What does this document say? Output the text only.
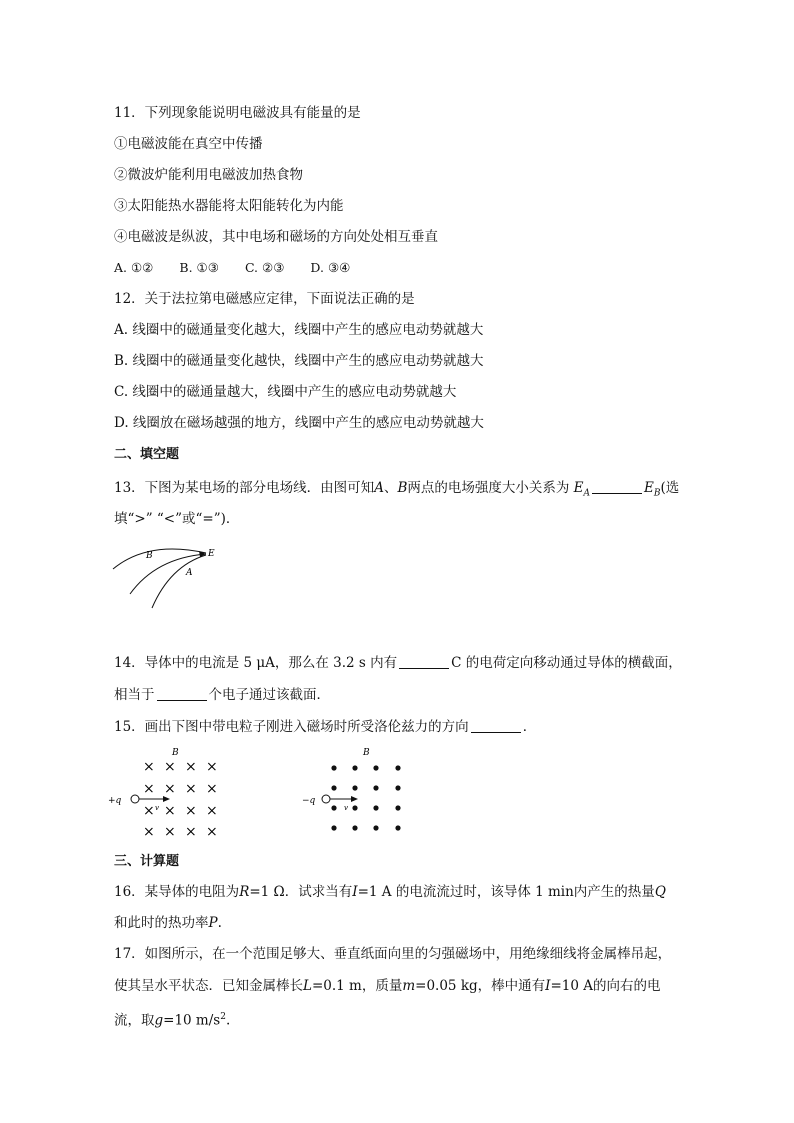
11．下列现象能说明电磁波具有能量的是
①电磁波能在真空中传播
②微波炉能利用电磁波加热食物
③太阳能热水器能将太阳能转化为内能
④电磁波是纵波，其中电场和磁场的方向处处相互垂直
A. ①② B. ①③ C. ②③ D. ③④
12．关于法拉第电磁感应定律，下面说法正确的是
A. 线圈中的磁通量变化越大，线圈中产生的感应电动势就越大
B. 线圈中的磁通量变化越快，线圈中产生的感应电动势就越大
C. 线圈中的磁通量越大，线圈中产生的感应电动势就越大
D. 线圈放在磁场越强的地方，线圈中产生的感应电动势就越大
二、填空题
13．下图为某电场的部分电场线．由图可知A、B两点的电场强度大小关系为 $E_A$	$E_B$(选
填“>” “<”或“=”)．
E
B
A
14．导体中的电流是 5 μA，那么在 3.2 s 内有	C 的电荷定向移动通过导体的横截面，
相当于	个电子通过该截面．
15．画出下图中带电粒子刚进入磁场时所受洛伦兹力的方向	．
B
× × × ×
× × ×
× × × ×
× × × ×
×
+q
v
B
−q
v
三、计算题
16．某导体的电阻为R=1 Ω．试求当有I=1 A 的电流流过时，该导体 1 min内产生的热量Q
和此时的热功率P.
17．如图所示，在一个范围足够大、垂直纸面向里的匀强磁场中，用绝缘细线将金属棒吊起，
使其呈水平状态．已知金属棒长L=0.1 m，质量m=0.05 kg，棒中通有I=10 A的向右的电
流，取g=10 $m/s^2$.
